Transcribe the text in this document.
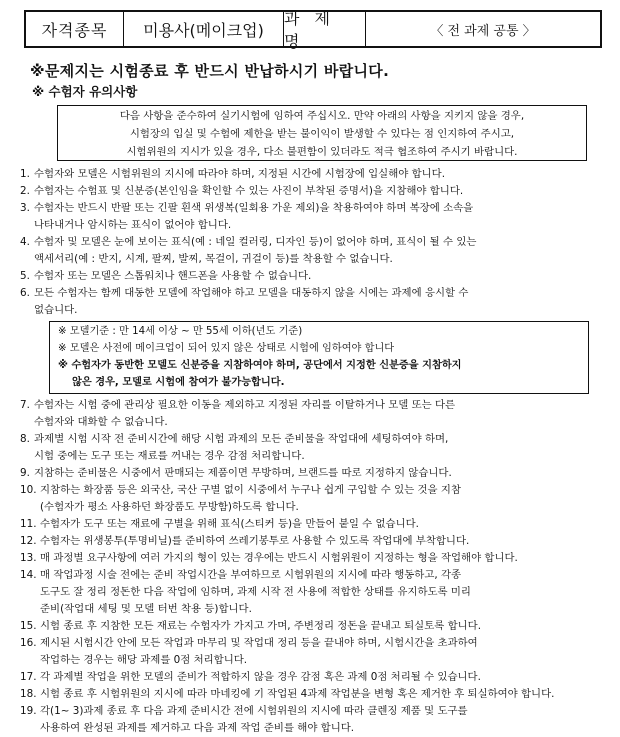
자격종목	미용사(메이크업)
과 제 명
〈 전 과제 공통 〉
※문제지는 시험종료 후 반드시 반납하시기 바랍니다.
※ 수험자 유의사항
다음 사항을 준수하여 실기시험에 임하여 주십시오. 만약 아래의 사항을 지키지 않을 경우,
시험장의 입실 및 수험에 제한을 받는 불이익이 발생할 수 있다는 점 인지하여 주시고,
시험위원의 지시가 있을 경우, 다소 불편함이 있더라도 적극 협조하여 주시기 바랍니다.
1. 수험자와 모델은 시험위원의 지시에 따라야 하며, 지정된 시간에 시험장에 입실해야 합니다.
2. 수험자는 수험표 및 신분증(본인임을 확인할 수 있는 사진이 부착된 증명서)을 지참해야 합니다.
3. 수험자는 반드시 반팔 또는 긴팔 흰색 위생복(일회용 가운 제외)을 착용하여야 하며 복장에 소속을
나타내거나 암시하는 표식이 없어야 합니다.
4. 수험자 및 모델은 눈에 보이는 표식(예 : 네일 컬러링, 디자인 등)이 없어야 하며, 표식이 될 수 있는
액세서리(예 : 반지, 시계, 팔찌, 발찌, 목걸이, 귀걸이 등)를 착용할 수 없습니다.
5. 수험자 또는 모델은 스톱워치나 핸드폰을 사용할 수 없습니다.
6. 모든 수험자는 함께 대동한 모델에 작업해야 하고 모델을 대동하지 않을 시에는 과제에 응시할 수
없습니다.
※ 모델기준 : 만 14세 이상 ~ 만 55세 이하(년도 기준)
※ 모델은 사전에 메이크업이 되어 있지 않은 상태로 시험에 임하여야 합니다
※ 수험자가 동반한 모델도 신분증을 지참하여야 하며, 공단에서 지정한 신분증을 지참하지
않은 경우, 모델로 시험에 참여가 불가능합니다.
7. 수험자는 시험 중에 관리상 필요한 이동을 제외하고 지정된 자리를 이탈하거나 모델 또는 다른
수험자와 대화할 수 없습니다.
8. 과제별 시험 시작 전 준비시간에 해당 시험 과제의 모든 준비물을 작업대에 세팅하여야 하며,
시험 중에는 도구 또는 재료를 꺼내는 경우 감점 처리합니다.
9. 지참하는 준비물은 시중에서 판매되는 제품이면 무방하며, 브랜드를 따로 지정하지 않습니다.
10. 지참하는 화장품 등은 외국산, 국산 구별 없이 시중에서 누구나 쉽게 구입할 수 있는 것을 지참
(수험자가 평소 사용하던 화장품도 무방함)하도록 합니다.
11. 수험자가 도구 또는 재료에 구별을 위해 표식(스티커 등)을 만들어 붙일 수 없습니다.
12. 수험자는 위생봉투(투명비닐)를 준비하여 쓰레기봉투로 사용할 수 있도록 작업대에 부착합니다.
13. 매 과정별 요구사항에 여러 가지의 형이 있는 경우에는 반드시 시험위원이 지정하는 형을 작업해야 합니다.
14. 매 작업과정 시술 전에는 준비 작업시간을 부여하므로 시험위원의 지시에 따라 행동하고, 각종
도구도 잘 정리 정돈한 다음 작업에 임하며, 과제 시작 전 사용에 적합한 상태를 유지하도록 미리
준비(작업대 세팅 및 모델 터번 착용 등)합니다.
15. 시험 종료 후 지참한 모든 재료는 수험자가 가지고 가며, 주변정리 정돈을 끝내고 퇴실토록 합니다.
16. 제시된 시험시간 안에 모든 작업과 마무리 및 작업대 정리 등을 끝내야 하며, 시험시간을 초과하여
작업하는 경우는 해당 과제를 0점 처리합니다.
17. 각 과제별 작업을 위한 모델의 준비가 적합하지 않을 경우 감점 혹은 과제 0점 처리될 수 있습니다.
18. 시험 종료 후 시험위원의 지시에 따라 마네킹에 기 작업된 4과제 작업분을 변형 혹은 제거한 후 퇴실하여야 합니다.
19. 각(1~ 3)과제 종료 후 다음 과제 준비시간 전에 시험위원의 지시에 따라 클렌징 제품 및 도구를
사용하여 완성된 과제를 제거하고 다음 과제 작업 준비를 해야 합니다.
